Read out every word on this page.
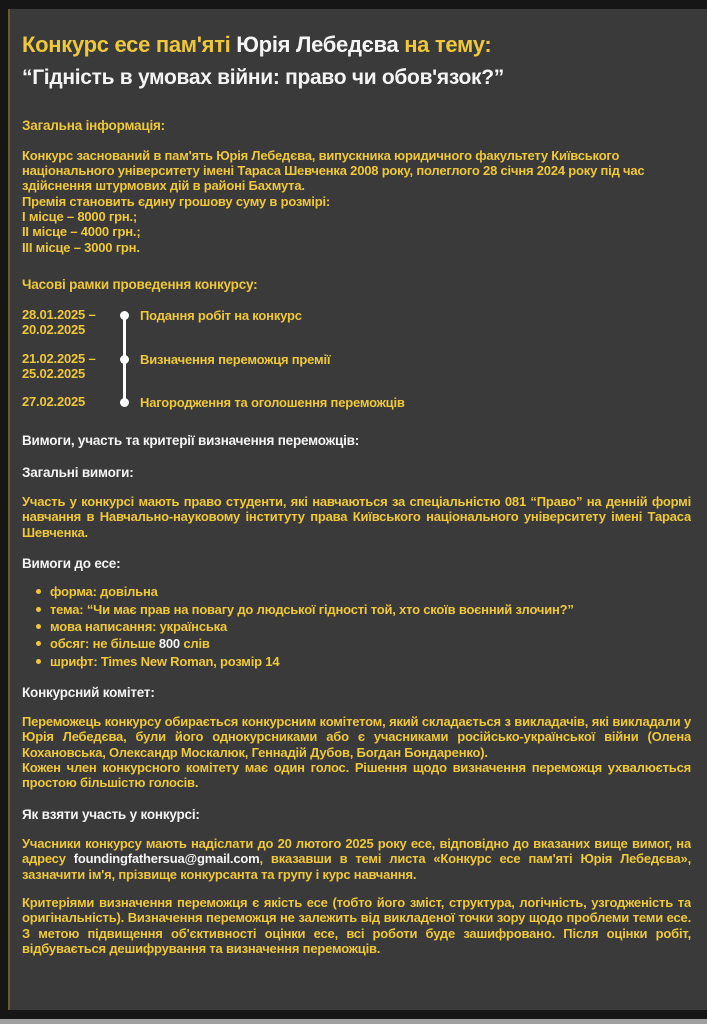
Конкурс есе пам'яті Юрія Лебедєва на тему:
“Гідність в умовах війни: право чи обов'язок?”
Загальна інформація:

Конкурс заснований в пам'ять Юрія Лебедєва, випускника юридичного факультету Київського національного університету імені Тараса Шевченка 2008 року, полеглого 28 січня 2024 року під час здійснення штурмових дій в районі Бахмута.
Премія становить єдину грошову суму в розмірі:
I місце – 8000 грн.;
II місце – 4000 грн.;
III місце – 3000 грн.

Часові рамки проведення конкурсу:
28.01.2025 –
20.02.2025
Подання робіт на конкурс
21.02.2025 –
25.02.2025
Визначення переможця премії
27.02.2025	Нагородження та оголошення переможців
Вимоги, участь та критерії визначення переможців:
Загальні вимоги:

Участь у конкурсі мають право студенти, які навчаються за спеціальністю 081 “Право” на денній формі навчання в Навчально-науковому інституту права Київського національного університету імені Тараса Шевченка.

Вимоги до есе:
форма: довільна
тема: “Чи має прав на повагу до людської гідності той, хто скоїв воєнний злочин?”
мова написання: українська
обсяг: не більше 800 слів
шрифт: Times New Roman, розмір 14
Конкурсний комітет:

Переможець конкурсу обирається конкурсним комітетом, який складається з викладачів, які викладали у Юрія Лебедєва, були його однокурсниками або є учасниками російсько-української війни (Олена Кохановська, Олександр Москалюк, Геннадій Дубов, Богдан Бондаренко).

Кожен член конкурсного комітету має один голос. Рішення щодо визначення переможця ухвалюється простою більшістю голосів.

Як взяти участь у конкурсі:

Учасники конкурсу мають надіслати до 20 лютого 2025 року есе, відповідно до вказаних вище вимог, на адресу foundingfathersua@gmail.com, вказавши в темі листа «Конкурс есе пам'яті Юрія Лебедєва», зазначити ім'я, прізвище конкурсанта та групу і курс навчання.

Критеріями визначення переможця є якість есе (тобто його зміст, структура, логічність, узгодженість та оригінальність). Визначення переможця не залежить від викладеної точки зору щодо проблеми теми есе. З метою підвищення об'єктивності оцінки есе, всі роботи буде зашифровано. Після оцінки робіт, відбувається дешифрування та визначення переможців.
